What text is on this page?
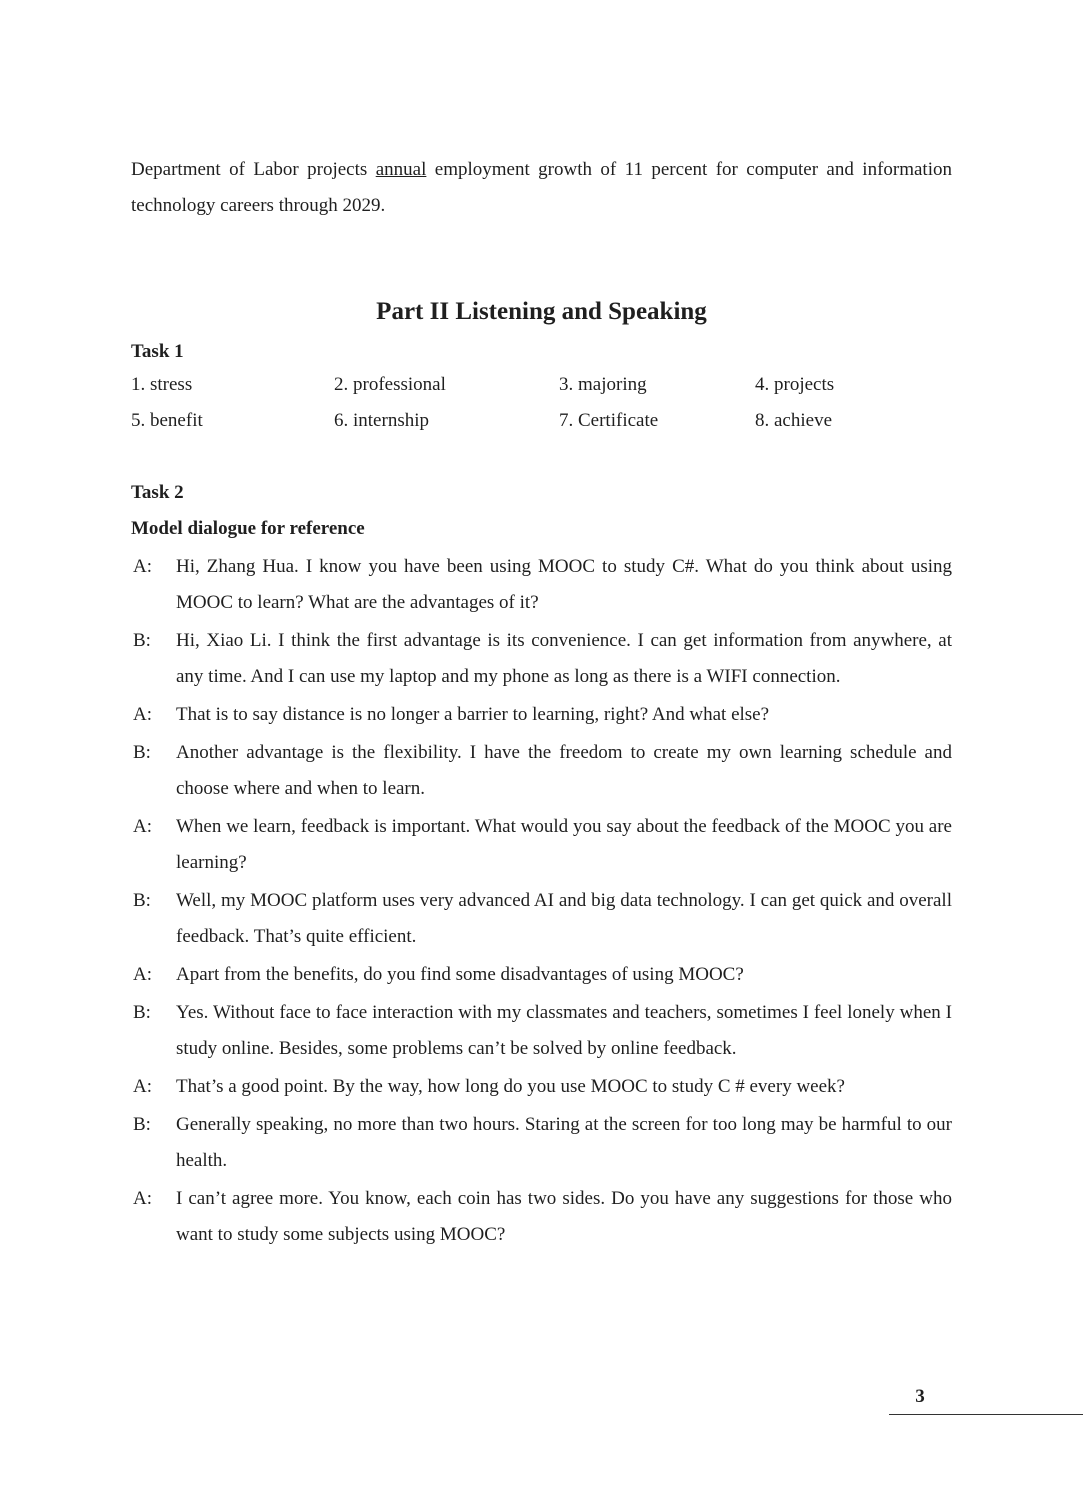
Department of Labor projects annual employment growth of 11 percent for computer and information technology careers through 2029.
Part II Listening and Speaking
Task 1
1. stress	2. professional	3. majoring	4. projects
5. benefit	6. internship	7. Certificate	8. achieve
Task 2
Model dialogue for reference
A:	Hi, Zhang Hua. I know you have been using MOOC to study C#. What do you think about using MOOC to learn? What are the advantages of it?
B:	Hi, Xiao Li. I think the first advantage is its convenience. I can get information from anywhere, at any time. And I can use my laptop and my phone as long as there is a WIFI connection.
A:	That is to say distance is no longer a barrier to learning, right? And what else?
B:	Another advantage is the flexibility. I have the freedom to create my own learning schedule and choose where and when to learn.
A:	When we learn, feedback is important. What would you say about the feedback of the MOOC you are learning?
B:	Well, my MOOC platform uses very advanced AI and big data technology. I can get quick and overall feedback. That’s quite efficient.
A:	Apart from the benefits, do you find some disadvantages of using MOOC?
B:	Yes. Without face to face interaction with my classmates and teachers, sometimes I feel lonely when I study online. Besides, some problems can’t be solved by online feedback.
A:	That’s a good point. By the way, how long do you use MOOC to study C # every week?
B:	Generally speaking, no more than two hours. Staring at the screen for too long may be harmful to our health.
A:	I can’t agree more. You know, each coin has two sides. Do you have any suggestions for those who want to study some subjects using MOOC?
3
